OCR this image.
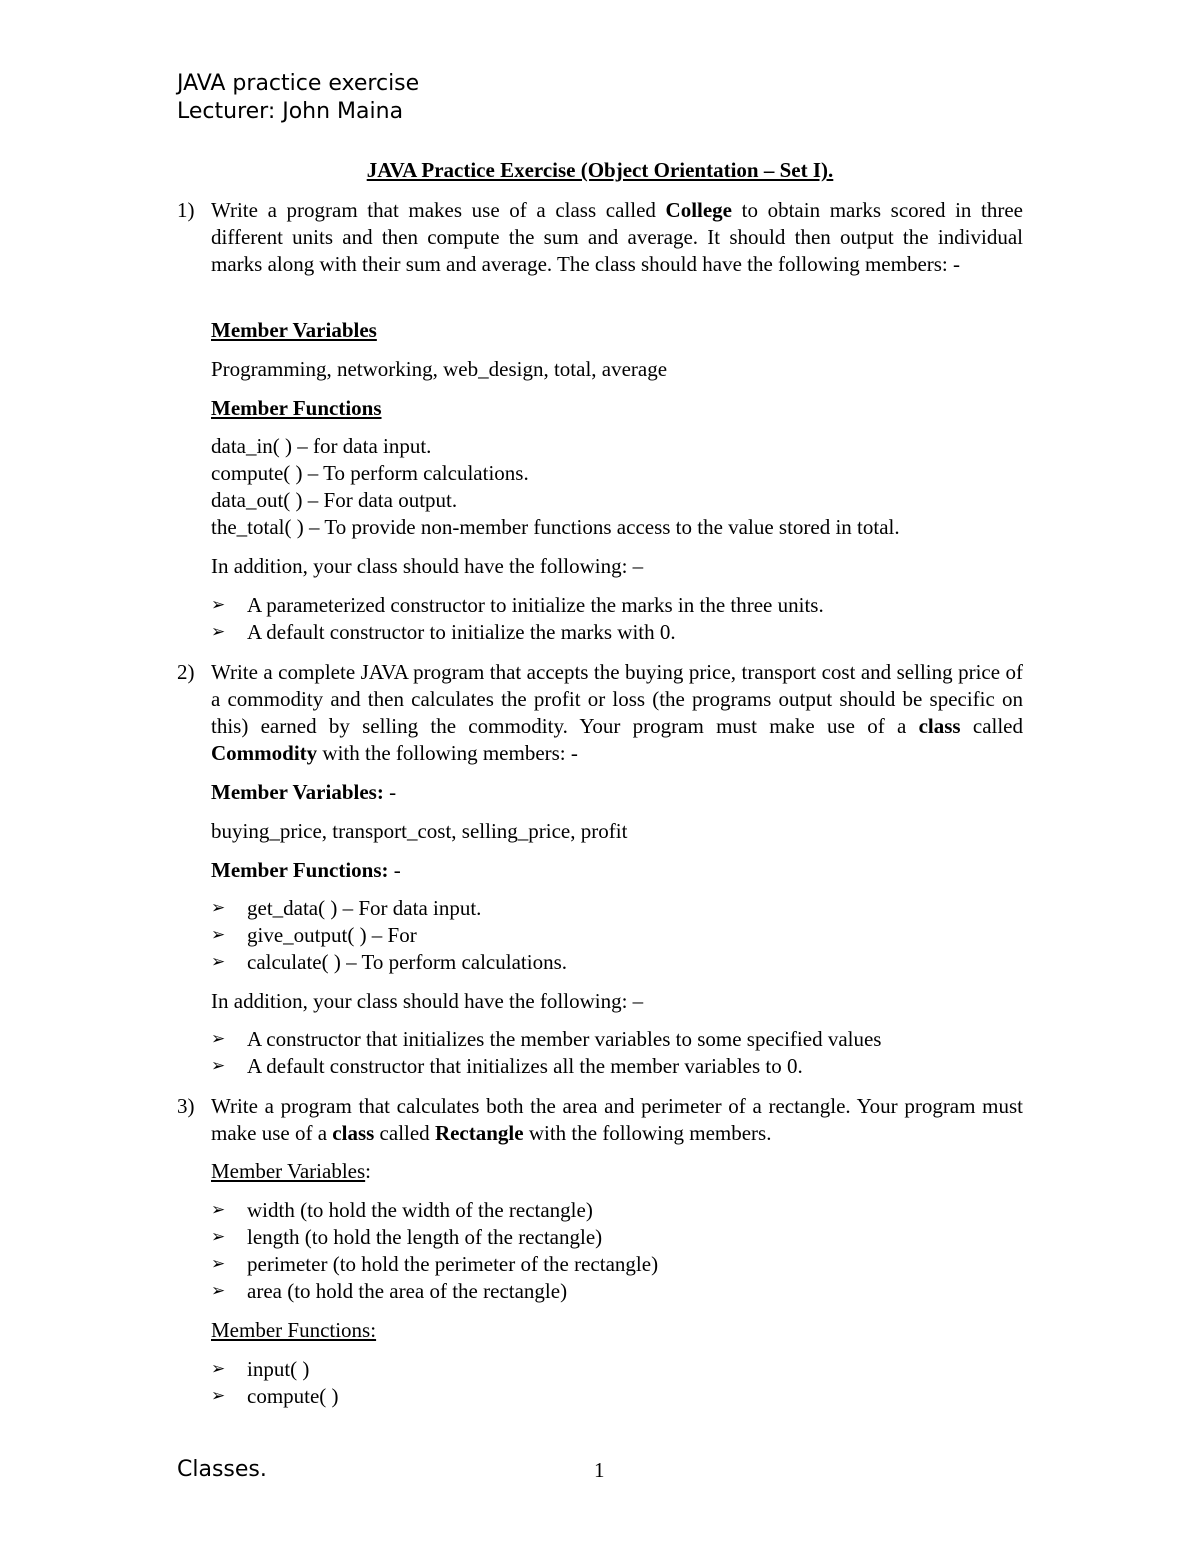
JAVA practice exercise
Lecturer: John Maina
JAVA Practice Exercise (Object Orientation – Set I).
1) Write a program that makes use of a class called College to obtain marks scored in three different units and then compute the sum and average. It should then output the individual marks along with their sum and average. The class should have the following members: -
Member Variables
Programming, networking, web_design, total, average
Member Functions
data_in( ) – for data input.
compute( ) – To perform calculations.
data_out( ) – For data output.
the_total( ) – To provide non-member functions access to the value stored in total.
In addition, your class should have the following: –
➢ A parameterized constructor to initialize the marks in the three units.
➢ A default constructor to initialize the marks with 0.
2) Write a complete JAVA program that accepts the buying price, transport cost and selling price of a commodity and then calculates the profit or loss (the programs output should be specific on this) earned by selling the commodity. Your program must make use of a class called Commodity with the following members: -
Member Variables: -
buying_price, transport_cost, selling_price, profit
Member Functions: -
➢ get_data( ) – For data input.
➢ give_output( ) – For
➢ calculate( ) – To perform calculations.
In addition, your class should have the following: –
➢ A constructor that initializes the member variables to some specified values
➢ A default constructor that initializes all the member variables to 0.
3) Write a program that calculates both the area and perimeter of a rectangle. Your program must make use of a class called Rectangle with the following members.
Member Variables:
➢ width (to hold the width of the rectangle)
➢ length (to hold the length of the rectangle)
➢ perimeter (to hold the perimeter of the rectangle)
➢ area (to hold the area of the rectangle)
Member Functions:
➢ input( )
➢ compute( )
Classes.	1
